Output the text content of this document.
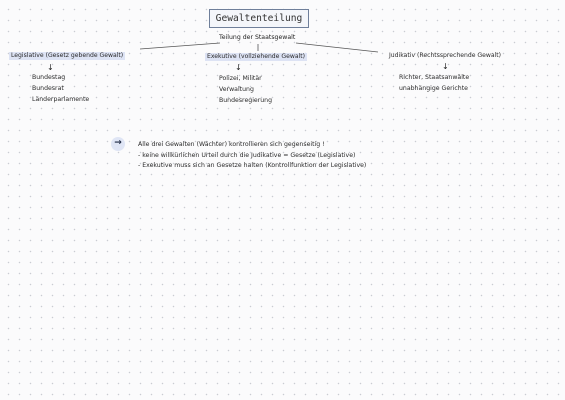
Gewaltenteilung
Teilung der Staatsgewalt
Legislative (Gesetz gebende Gewalt)
↓
Bundestag
Bundesrat
Länderparlamente
Exekutive (vollziehende Gewalt)
↓
Polizei, Militär
Verwaltung
Bundesregierung
Judikativ (Rechtssprechende Gewalt)
↓
Richter, Staatsanwälte
unabhängige Gerichte
→	Alle drei Gewalten (Wächter) kontrollieren sich gegenseitig !
- keine willkürlichen Urteil durch die Judikative = Gesetze (Legislative)
- Exekutive muss sich an Gesetze halten (Kontrollfunktion der Legislative)
